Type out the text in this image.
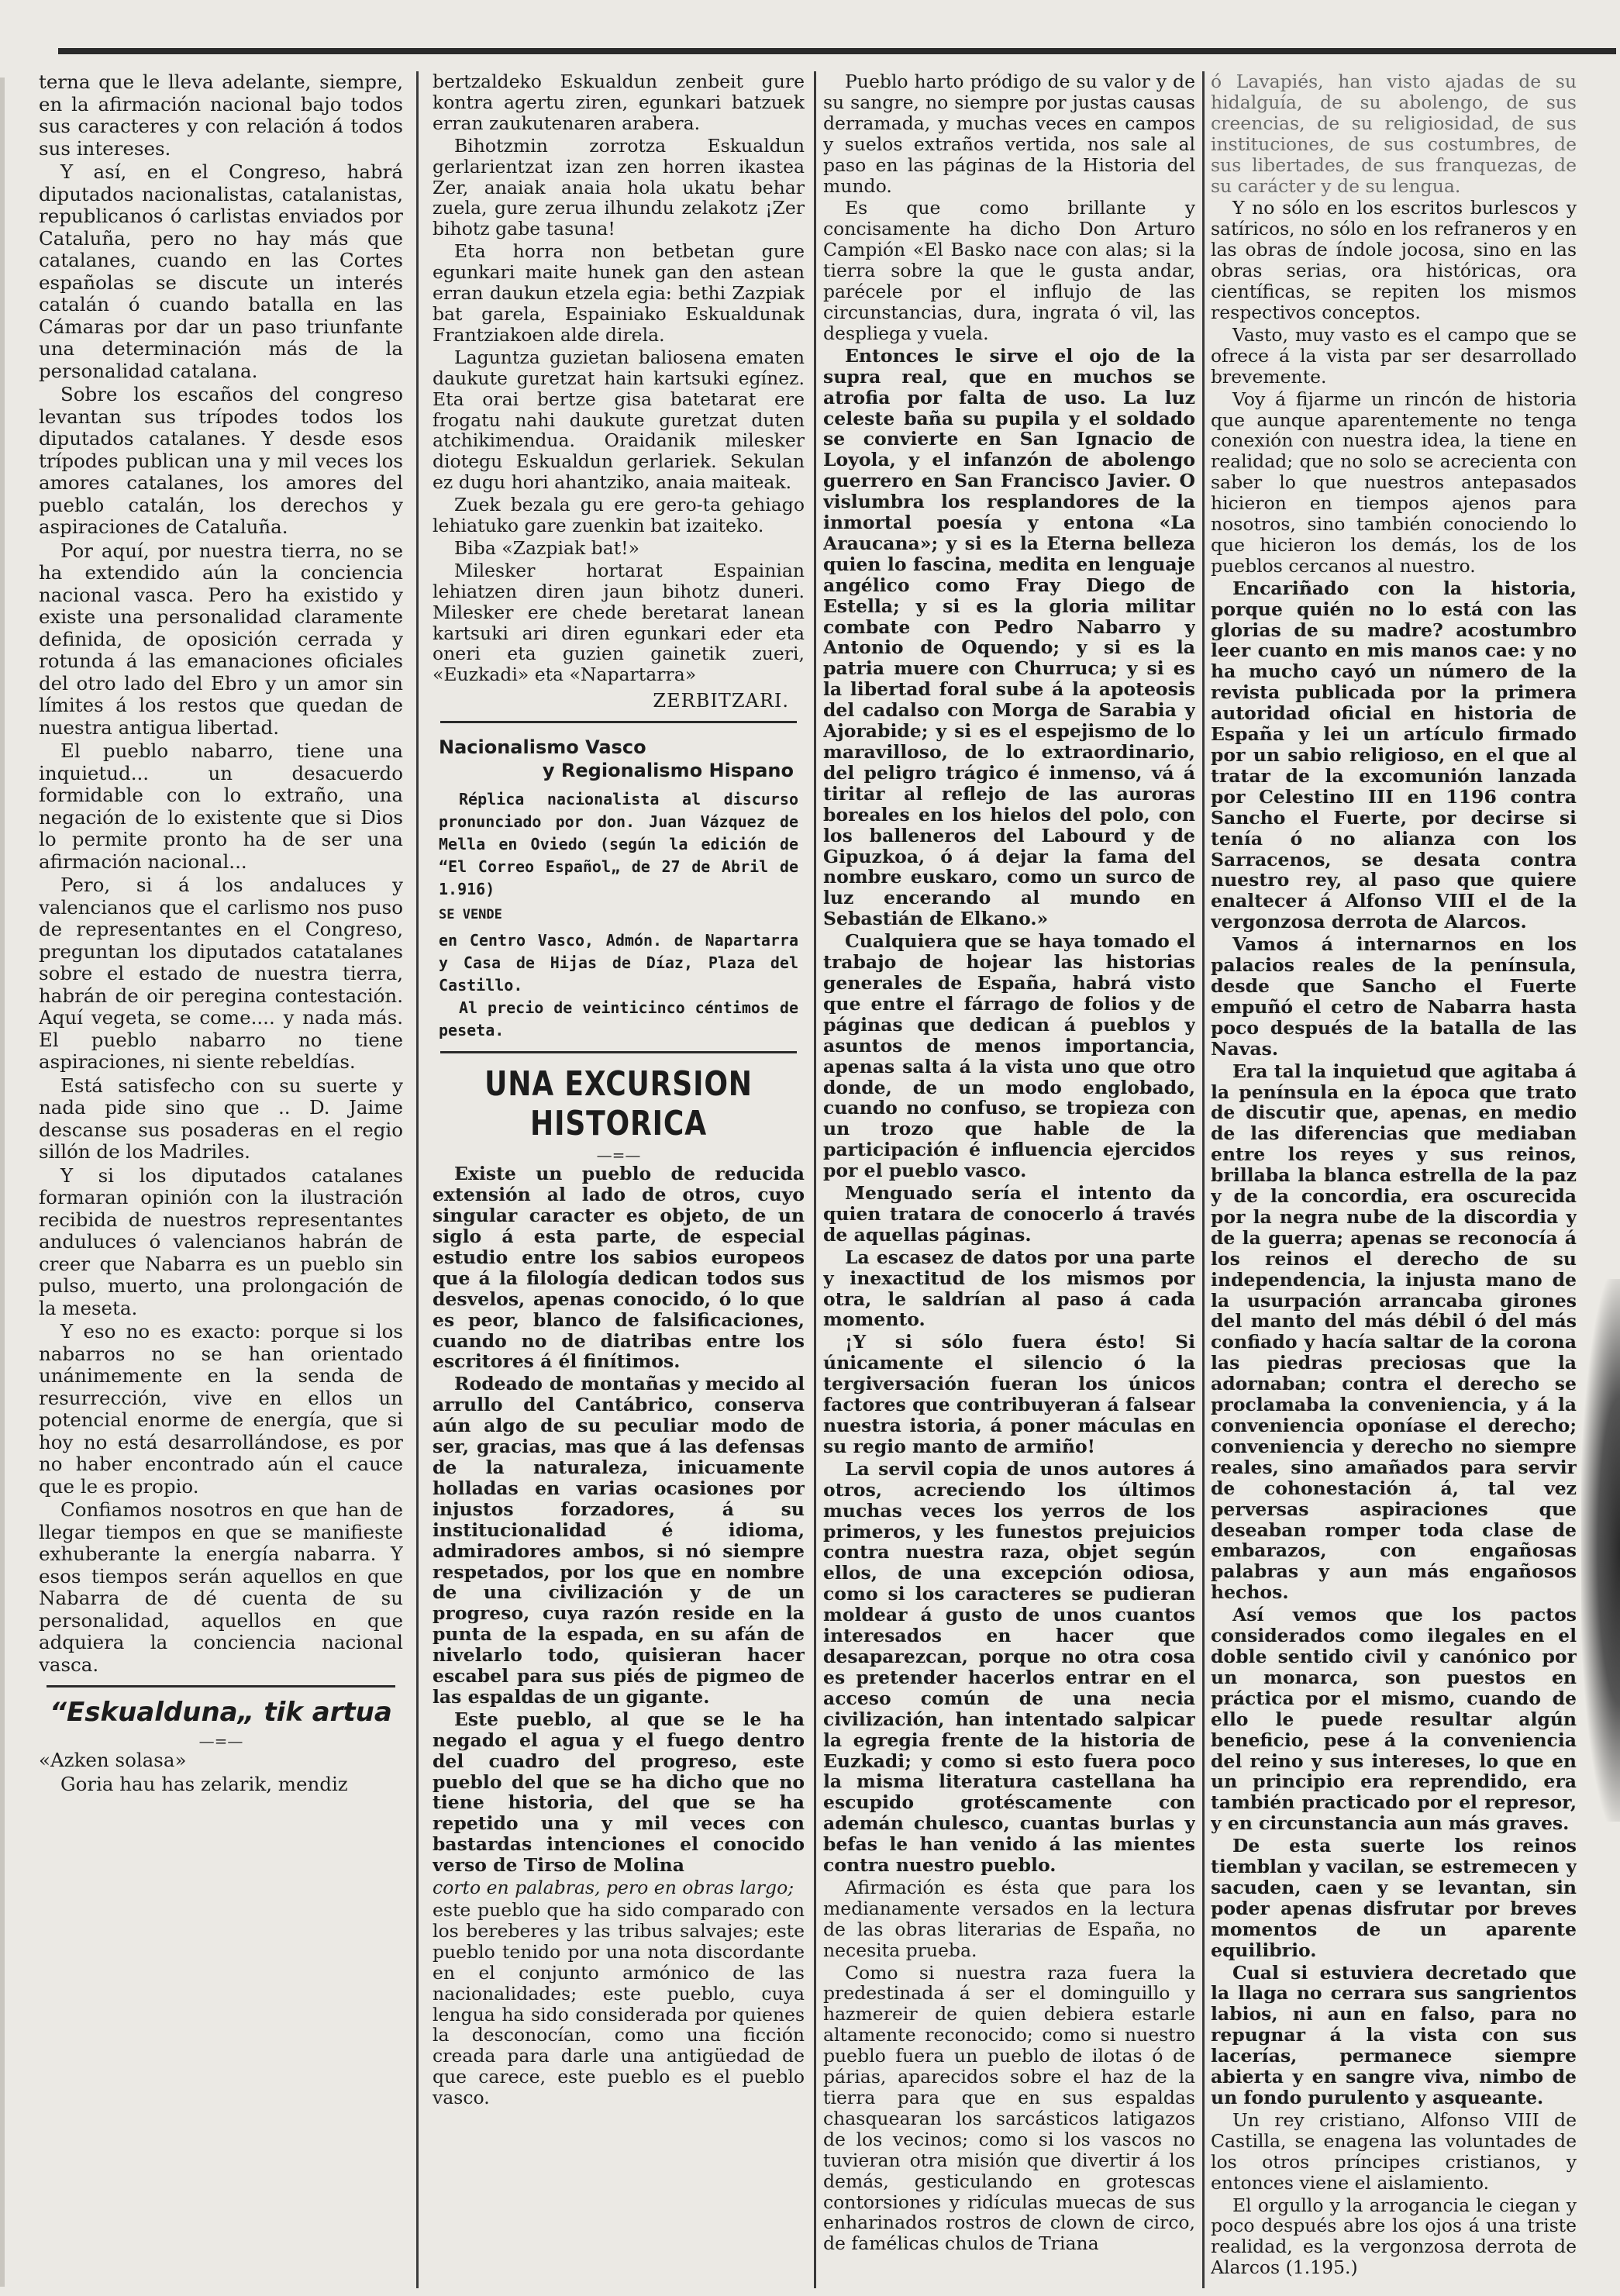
terna que le lleva adelante, siempre, en la afirmación nacional bajo todos sus caracteres y con relación á todos sus intereses.

Y así, en el Congreso, habrá diputados nacionalistas, catalanistas, republicanos ó carlistas enviados por Cataluña, pero no hay más que catalanes, cuando en las Cortes españolas se discute un interés catalán ó cuando batalla en las Cámaras por dar un paso triunfante una determinación más de la personalidad catalana.

Sobre los escaños del congreso levantan sus trípodes todos los diputados catalanes. Y desde esos trípodes publican una y mil veces los amores catalanes, los amores del pueblo catalán, los derechos y aspiraciones de Cataluña.

Por aquí, por nuestra tierra, no se ha extendido aún la conciencia nacional vasca. Pero ha existido y existe una personalidad claramente definida, de oposición cerrada y rotunda á las emanaciones oficiales del otro lado del Ebro y un amor sin límites á los restos que quedan de nuestra antigua libertad.

El pueblo nabarro, tiene una inquietud... un desacuerdo formidable con lo extraño, una negación de lo existente que si Dios lo permite pronto ha de ser una afirmación nacional...

Pero, si á los andaluces y valencianos que el carlismo nos puso de representantes en el Congreso, preguntan los diputados catatalanes sobre el estado de nuestra tierra, habrán de oir peregina contestación. Aquí vegeta, se come.... y nada más. El pueblo nabarro no tiene aspiraciones, ni siente rebeldías.

Está satisfecho con su suerte y nada pide sino que .. D. Jaime descanse sus posaderas en el regio sillón de los Madriles.

Y si los diputados catalanes formaran opinión con la ilustración recibida de nuestros representantes anduluces ó valencianos habrán de creer que Nabarra es un pueblo sin pulso, muerto, una prolongación de la meseta.

Y eso no es exacto: porque si los nabarros no se han orientado unánimemente en la senda de resurrección, vive en ellos un potencial enorme de energía, que si hoy no está desarrollándose, es por no haber encontrado aún el cauce que le es propio.

Confiamos nosotros en que han de llegar tiempos en que se manifieste exhuberante la energía nabarra. Y esos tiempos serán aquellos en que Nabarra de dé cuenta de su personalidad, aquellos en que adquiera la conciencia nacional vasca.

“Eskualduna„ tik artua
—=—

«Azken solasa»

Goria hau has zelarik, mendiz

bertzaldeko Eskualdun zenbeit gure kontra agertu ziren, egunkari batzuek erran zaukutenaren arabera.

Bihotzmin zorrotza Eskualdun gerlarientzat izan zen horren ikastea Zer, anaiak anaia hola ukatu behar zuela, gure zerua ilhundu zelakotz ¡Zer bihotz gabe tasuna!

Eta horra non betbetan gure egunkari maite hunek gan den astean erran daukun etzela egia: bethi Zazpiak bat garela, Espainiako Eskualdunak Frantziakoen alde direla.

Laguntza guzietan baliosena ematen daukute guretzat hain kartsuki egínez. Eta orai bertze gisa batetarat ere frogatu nahi daukute guretzat duten atchikimendua. Oraidanik milesker diotegu Eskualdun gerlariek. Sekulan ez dugu hori ahantziko, anaia maiteak.

Zuek bezala gu ere gero-ta gehiago lehiatuko gare zuenkin bat izaiteko.

Biba «Zazpiak bat!»

Milesker hortarat Espainian lehiatzen diren jaun bihotz duneri. Milesker ere chede beretarat lanean kartsuki ari diren egunkari eder eta oneri eta guzien gainetik zueri, «Euzkadi» eta «Napartarra»

ZERBITZARI.
Nacionalismo Vasco
y Regionalismo Hispano
Réplica nacionalista al discurso pronunciado por don. Juan Vázquez de Mella en Oviedo (según la edición de “El Correo Español„ de 27 de Abril de 1.916)
SE VENDE
en Centro Vasco, Admón. de Napartarra y Casa de Hijas de Díaz, Plaza del Castillo.
Al precio de veinticinco céntimos de peseta.
UNA EXCURSION HISTORICA
—=—

Existe un pueblo de reducida extensión al lado de otros, cuyo singular caracter es objeto, de un siglo á esta parte, de especial estudio entre los sabios europeos que á la filología dedican todos sus desvelos, apenas conocido, ó lo que es peor, blanco de falsificaciones, cuando no de diatribas entre los escritores á él finítimos.

Rodeado de montañas y mecido al arrullo del Cantábrico, conserva aún algo de su peculiar modo de ser, gracias, mas que á las defensas de la naturaleza, inicuamente holladas en varias ocasiones por injustos forzadores, á su institucionalidad é idioma, admiradores ambos, si nó siempre respetados, por los que en nombre de una civilización y de un progreso, cuya razón reside en la punta de la espada, en su afán de nivelarlo todo, quisieran hacer escabel para sus piés de pigmeo de las espaldas de un gigante.

Este pueblo, al que se le ha negado el agua y el fuego dentro del cuadro del progreso, este pueblo del que se ha dicho que no tiene historia, del que se ha repetido una y mil veces con bastardas intenciones el conocido verso de Tirso de Molina

corto en palabras, pero en obras largo;

este pueblo que ha sido comparado con los bereberes y las tribus salvajes; este pueblo tenido por una nota discordante en el conjunto armónico de las nacionalidades; este pueblo, cuya lengua ha sido considerada por quienes la desconocían, como una ficción creada para darle una antigüedad de que carece, este pueblo es el pueblo vasco.

Pueblo harto pródigo de su valor y de su sangre, no siempre por justas causas derramada, y muchas veces en campos y suelos extraños vertida, nos sale al paso en las páginas de la Historia del mundo.

Es que como brillante y concisamente ha dicho Don Arturo Campión «El Basko nace con alas; si la tierra sobre la que le gusta andar, parécele por el influjo de las circunstancias, dura, ingrata ó vil, las despliega y vuela.

Entonces le sirve el ojo de la supra real, que en muchos se atrofia por falta de uso. La luz celeste baña su pupila y el soldado se convierte en San Ignacio de Loyola, y el infanzón de abolengo guerrero en San Francisco Javier. O vislumbra los resplandores de la inmortal poesía y entona «La Araucana»; y si es la Eterna belleza quien lo fascina, medita en lenguaje angélico como Fray Diego de Estella; y si es la gloria militar combate con Pedro Nabarro y Antonio de Oquendo; y si es la patria muere con Churruca; y si es la libertad foral sube á la apoteosis del cadalso con Morga de Sarabia y Ajorabide; y si es el espejismo de lo maravilloso, de lo extraordinario, del peligro trágico é inmenso, vá á tiritar al reflejo de las auroras boreales en los hielos del polo, con los balleneros del Labourd y de Gipuzkoa, ó á dejar la fama del nombre euskaro, como un surco de luz encerando al mundo en Sebastián de Elkano.»

Cualquiera que se haya tomado el trabajo de hojear las historias generales de España, habrá visto que entre el fárrago de folios y de páginas que dedican á pueblos y asuntos de menos importancia, apenas salta á la vista uno que otro donde, de un modo englobado, cuando no confuso, se tropieza con un trozo que hable de la participación é influencia ejercidos por el pueblo vasco.

Menguado sería el intento da quien tratara de conocerlo á través de aquellas páginas.

La escasez de datos por una parte y inexactitud de los mismos por otra, le saldrían al paso á cada momento.

¡Y si sólo fuera ésto! Si únicamente el silencio ó la tergiversación fueran los únicos factores que contribuyeran á falsear nuestra istoria, á poner máculas en su regio manto de armiño!

La servil copia de unos autores á otros, acreciendo los últimos muchas veces los yerros de los primeros, y les funestos prejuicios contra nuestra raza, objet según ellos, de una excepción odiosa, como si los caracteres se pudieran moldear á gusto de unos cuantos interesados en hacer que desaparezcan, porque no otra cosa es pretender hacerlos entrar en el acceso común de una necia civilización, han intentado salpicar la egregia frente de la historia de Euzkadi; y como si esto fuera poco la misma literatura castellana ha escupido grotéscamente con ademán chulesco, cuantas burlas y befas le han venido á las mientes contra nuestro pueblo.

Afirmación es ésta que para los medianamente versados en la lectura de las obras literarias de España, no necesita prueba.

Como si nuestra raza fuera la predestinada á ser el dominguillo y hazmereir de quien debiera estarle altamente reconocido; como si nuestro pueblo fuera un pueblo de ilotas ó de párias, aparecidos sobre el haz de la tierra para que en sus espaldas chasquearan los sarcásticos latigazos de los vecinos; como si los vascos no tuvieran otra misión que divertir á los demás, gesticulando en grotescas contorsiones y ridículas muecas de sus enharinados rostros de clown de circo, de famélicas chulos de Triana

ó Lavapiés, han visto ajadas de su hidalguía, de su abolengo, de sus creencias, de su religiosidad, de sus instituciones, de sus costumbres, de sus libertades, de sus franquezas, de su carácter y de su lengua.

Y no sólo en los escritos burlescos y satíricos, no sólo en los refraneros y en las obras de índole jocosa, sino en las obras serias, ora históricas, ora científicas, se repiten los mismos respectivos conceptos.

Vasto, muy vasto es el campo que se ofrece á la vista par ser desarrollado brevemente.

Voy á fijarme un rincón de historia que aunque aparentemente no tenga conexión con nuestra idea, la tiene en realidad; que no solo se acrecienta con saber lo que nuestros antepasados hicieron en tiempos ajenos para nosotros, sino también conociendo lo que hicieron los demás, los de los pueblos cercanos al nuestro.

Encariñado con la historia, porque quién no lo está con las glorias de su madre? acostumbro leer cuanto en mis manos cae: y no ha mucho cayó un número de la revista publicada por la primera autoridad oficial en historia de España y lei un artículo firmado por un sabio religioso, en el que al tratar de la excomunión lanzada por Celestino III en 1196 contra Sancho el Fuerte, por decirse si tenía ó no alianza con los Sarracenos, se desata contra nuestro rey, al paso que quiere enaltecer á Alfonso VIII el de la vergonzosa derrota de Alarcos.

Vamos á internarnos en los palacios reales de la península, desde que Sancho el Fuerte empuñó el cetro de Nabarra hasta poco después de la batalla de las Navas.

Era tal la inquietud que agitaba á la península en la época que trato de discutir que, apenas, en medio de las diferencias que mediaban entre los reyes y sus reinos, brillaba la blanca estrella de la paz y de la concordia, era oscurecida por la negra nube de la discordia y de la guerra; apenas se reconocía á los reinos el derecho de su independencia, la injusta mano de la usurpación arrancaba girones del manto del más débil ó del más confiado y hacía saltar de la corona las piedras preciosas que la adornaban; contra el derecho se proclamaba la conveniencia, y á la conveniencia oponíase el derecho; conveniencia y derecho no siempre reales, sino amañados para servir de cohonestación á, tal vez perversas aspiraciones que deseaban romper toda clase de embarazos, con engañosas palabras y aun más engañosos hechos.

Así vemos que los pactos considerados como ilegales en el doble sentido civil y canónico por un monarca, son puestos en práctica por el mismo, cuando de ello le puede resultar algún beneficio, pese á la conveniencia del reino y sus intereses, lo que en un principio era reprendido, era también practicado por el represor, y en circunstancia aun más graves.

De esta suerte los reinos tiemblan y vacilan, se estremecen y sacuden, caen y se levantan, sin poder apenas disfrutar por breves momentos de un aparente equilibrio.

Cual si estuviera decretado que la llaga no cerrara sus sangrientos labios, ni aun en falso, para no repugnar á la vista con sus lacerías, permanece siempre abierta y en sangre viva, nimbo de un fondo purulento y asqueante.

Un rey cristiano, Alfonso VIII de Castilla, se enagena las voluntades de los otros príncipes cristianos, y entonces viene el aislamiento.

El orgullo y la arrogancia le ciegan y poco después abre los ojos á una triste realidad, es la vergonzosa derrota de Alarcos (1.195.)
